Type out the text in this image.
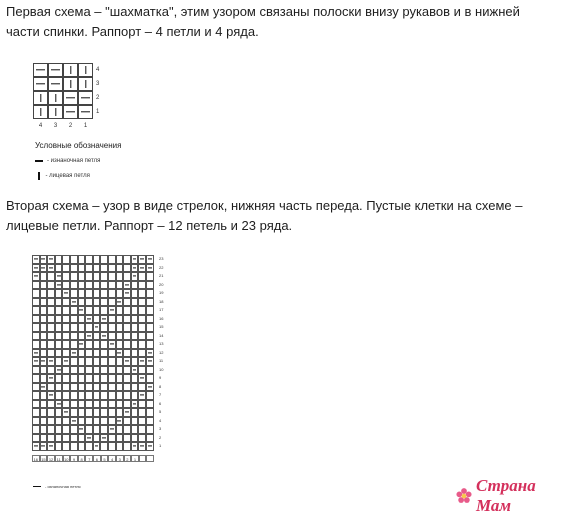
Первая схема – "шахматка", этим узором связаны полоски внизу рукавов и в нижней части спинки. Раппорт – 4 петли и 4 ряда.
4
3
2
1
4	3	2	1
Условные обозначения
- изнаночная петля
- лицевая петля
Вторая схема – узор в виде стрелок, нижняя часть переда. Пустые клетки на схеме – лицевые петли. Раппорт – 12 петель и 23 ряда.
23
22
21
20
19
18
17
16
15
14
13
12
11
10
9
8
7
6
5
4
3
2
1
16 15 12 11 10	9	8	7	6	5	4	3	2	1
- изнаночная петля	Страна Мам
